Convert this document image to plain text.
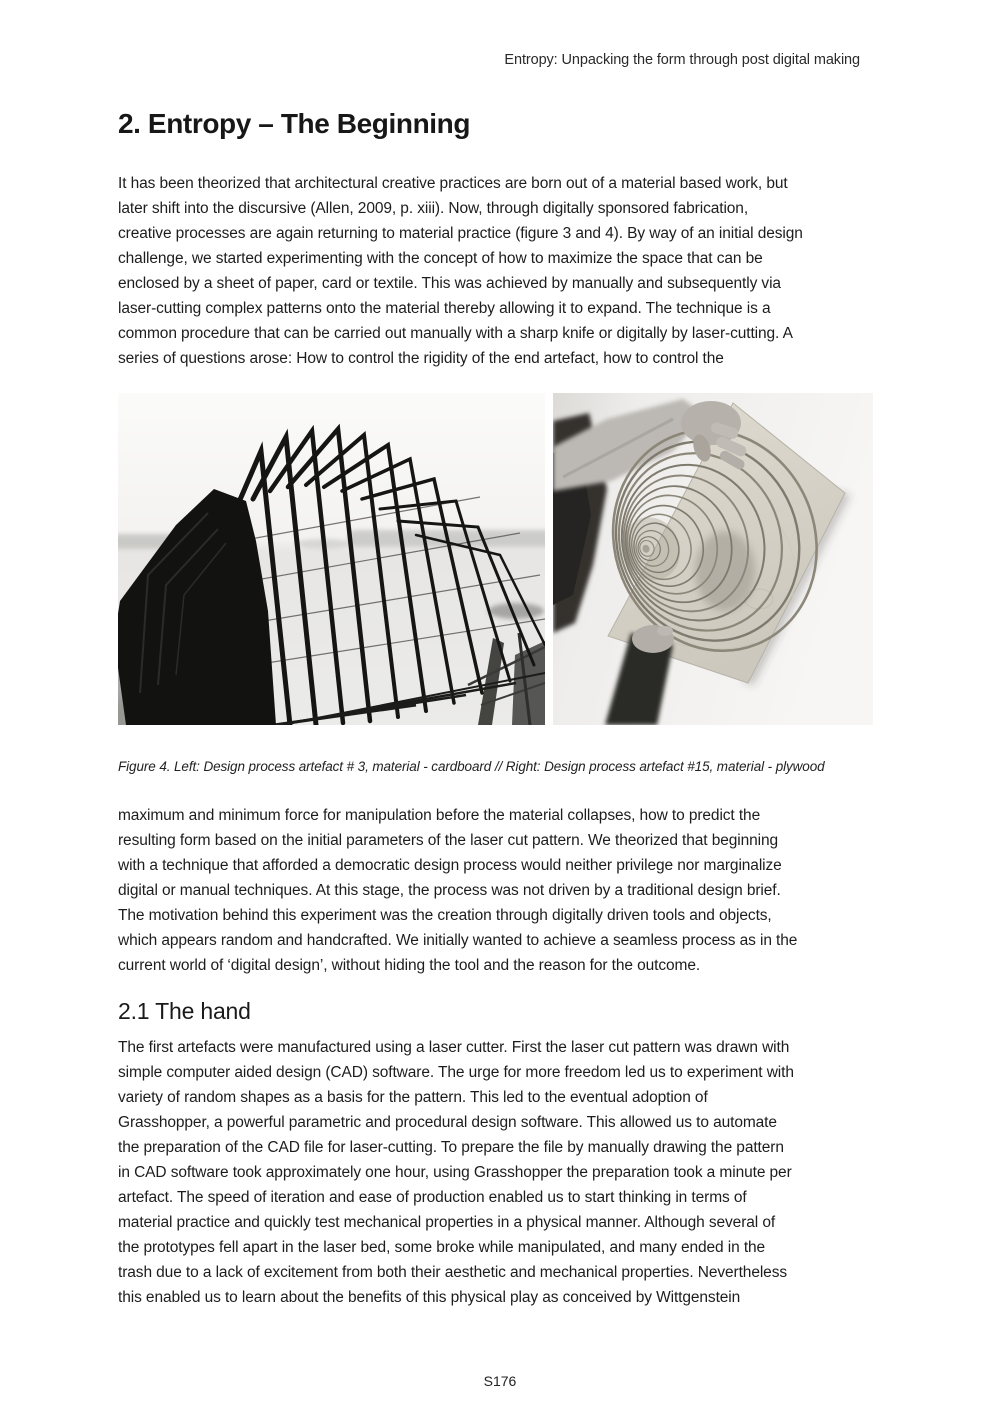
Entropy: Unpacking the form through post digital making
2. Entropy – The Beginning
It has been theorized that architectural creative practices are born out of a material based work, but
later shift into the discursive (Allen, 2009, p. xiii). Now, through digitally sponsored fabrication,
creative processes are again returning to material practice (figure 3 and 4). By way of an initial design
challenge, we started experimenting with the concept of how to maximize the space that can be
enclosed by a sheet of paper, card or textile. This was achieved by manually and subsequently via
laser-cutting complex patterns onto the material thereby allowing it to expand. The technique is a
common procedure that can be carried out manually with a sharp knife or digitally by laser-cutting. A
series of questions arose: How to control the rigidity of the end artefact, how to control the
Figure 4. Left: Design process artefact # 3, material - cardboard // Right: Design process artefact #15, material - plywood
maximum and minimum force for manipulation before the material collapses, how to predict the
resulting form based on the initial parameters of the laser cut pattern. We theorized that beginning
with a technique that afforded a democratic design process would neither privilege nor marginalize
digital or manual techniques. At this stage, the process was not driven by a traditional design brief.
The motivation behind this experiment was the creation through digitally driven tools and objects,
which appears random and handcrafted. We initially wanted to achieve a seamless process as in the
current world of ‘digital design’, without hiding the tool and the reason for the outcome.
2.1 The hand
The first artefacts were manufactured using a laser cutter. First the laser cut pattern was drawn with
simple computer aided design (CAD) software. The urge for more freedom led us to experiment with
variety of random shapes as a basis for the pattern. This led to the eventual adoption of
Grasshopper, a powerful parametric and procedural design software. This allowed us to automate
the preparation of the CAD file for laser-cutting. To prepare the file by manually drawing the pattern
in CAD software took approximately one hour, using Grasshopper the preparation took a minute per
artefact. The speed of iteration and ease of production enabled us to start thinking in terms of
material practice and quickly test mechanical properties in a physical manner. Although several of
the prototypes fell apart in the laser bed, some broke while manipulated, and many ended in the
trash due to a lack of excitement from both their aesthetic and mechanical properties. Nevertheless
this enabled us to learn about the benefits of this physical play as conceived by Wittgenstein
S176
